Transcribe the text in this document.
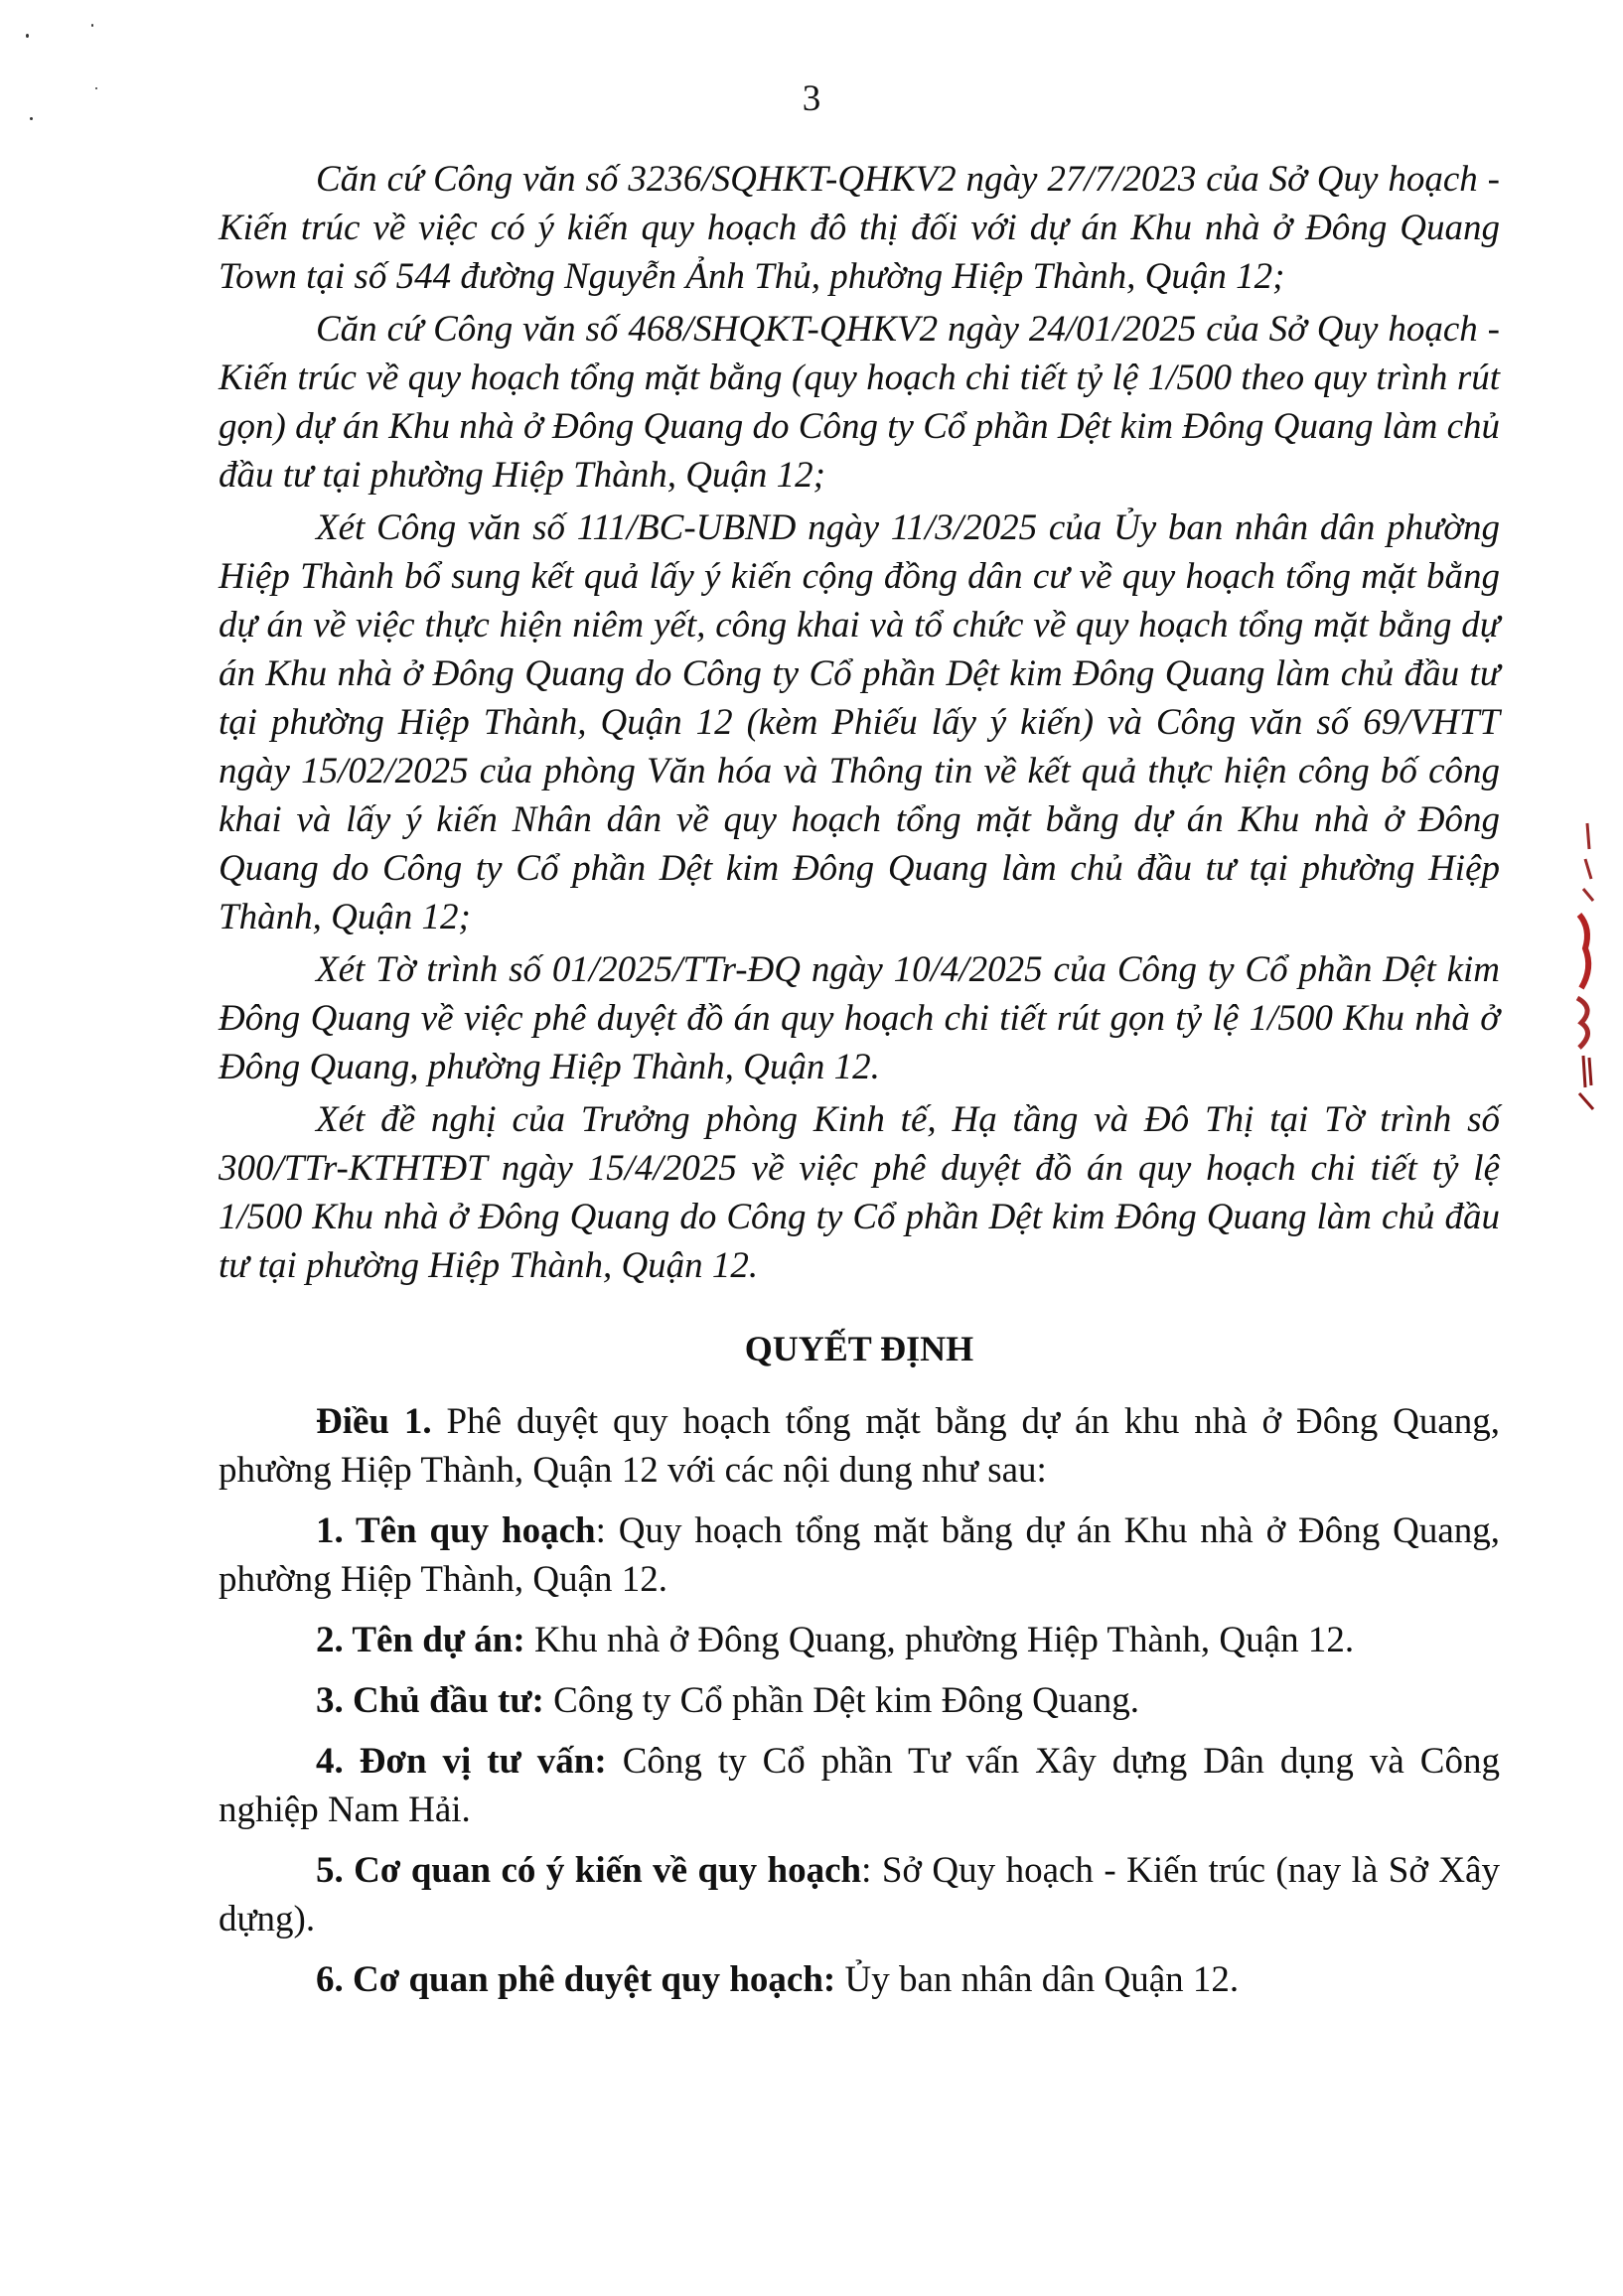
3

Căn cứ Công văn số 3236/SQHKT-QHKV2 ngày 27/7/2023 của Sở Quy hoạch - Kiến trúc về việc có ý kiến quy hoạch đô thị đối với dự án Khu nhà ở Đông Quang Town tại số 544 đường Nguyễn Ảnh Thủ, phường Hiệp Thành, Quận 12;

Căn cứ Công văn số 468/SHQKT-QHKV2 ngày 24/01/2025 của Sở Quy hoạch - Kiến trúc về quy hoạch tổng mặt bằng (quy hoạch chi tiết tỷ lệ 1/500 theo quy trình rút gọn) dự án Khu nhà ở Đông Quang do Công ty Cổ phần Dệt kim Đông Quang làm chủ đầu tư tại phường Hiệp Thành, Quận 12;

Xét Công văn số 111/BC-UBND ngày 11/3/2025 của Ủy ban nhân dân phường Hiệp Thành bổ sung kết quả lấy ý kiến cộng đồng dân cư về quy hoạch tổng mặt bằng dự án về việc thực hiện niêm yết, công khai và tổ chức về quy hoạch tổng mặt bằng dự án Khu nhà ở Đông Quang do Công ty Cổ phần Dệt kim Đông Quang làm chủ đầu tư tại phường Hiệp Thành, Quận 12 (kèm Phiếu lấy ý kiến) và Công văn số 69/VHTT ngày 15/02/2025 của phòng Văn hóa và Thông tin về kết quả thực hiện công bố công khai và lấy ý kiến Nhân dân về quy hoạch tổng mặt bằng dự án Khu nhà ở Đông Quang do Công ty Cổ phần Dệt kim Đông Quang làm chủ đầu tư tại phường Hiệp Thành, Quận 12;

Xét Tờ trình số 01/2025/TTr-ĐQ ngày 10/4/2025 của Công ty Cổ phần Dệt kim Đông Quang về việc phê duyệt đồ án quy hoạch chi tiết rút gọn tỷ lệ 1/500 Khu nhà ở Đông Quang, phường Hiệp Thành, Quận 12.

Xét đề nghị của Trưởng phòng Kinh tế, Hạ tầng và Đô Thị tại Tờ trình số 300/TTr-KTHTĐT ngày 15/4/2025 về việc phê duyệt đồ án quy hoạch chi tiết tỷ lệ 1/500 Khu nhà ở Đông Quang do Công ty Cổ phần Dệt kim Đông Quang làm chủ đầu tư tại phường Hiệp Thành, Quận 12.

QUYẾT ĐỊNH

Điều 1. Phê duyệt quy hoạch tổng mặt bằng dự án khu nhà ở Đông Quang, phường Hiệp Thành, Quận 12 với các nội dung như sau:

1. Tên quy hoạch: Quy hoạch tổng mặt bằng dự án Khu nhà ở Đông Quang, phường Hiệp Thành, Quận 12.

2. Tên dự án: Khu nhà ở Đông Quang, phường Hiệp Thành, Quận 12.

3. Chủ đầu tư: Công ty Cổ phần Dệt kim Đông Quang.

4. Đơn vị tư vấn: Công ty Cổ phần Tư vấn Xây dựng Dân dụng và Công nghiệp Nam Hải.

5. Cơ quan có ý kiến về quy hoạch: Sở Quy hoạch - Kiến trúc (nay là Sở Xây dựng).

6. Cơ quan phê duyệt quy hoạch: Ủy ban nhân dân Quận 12.
